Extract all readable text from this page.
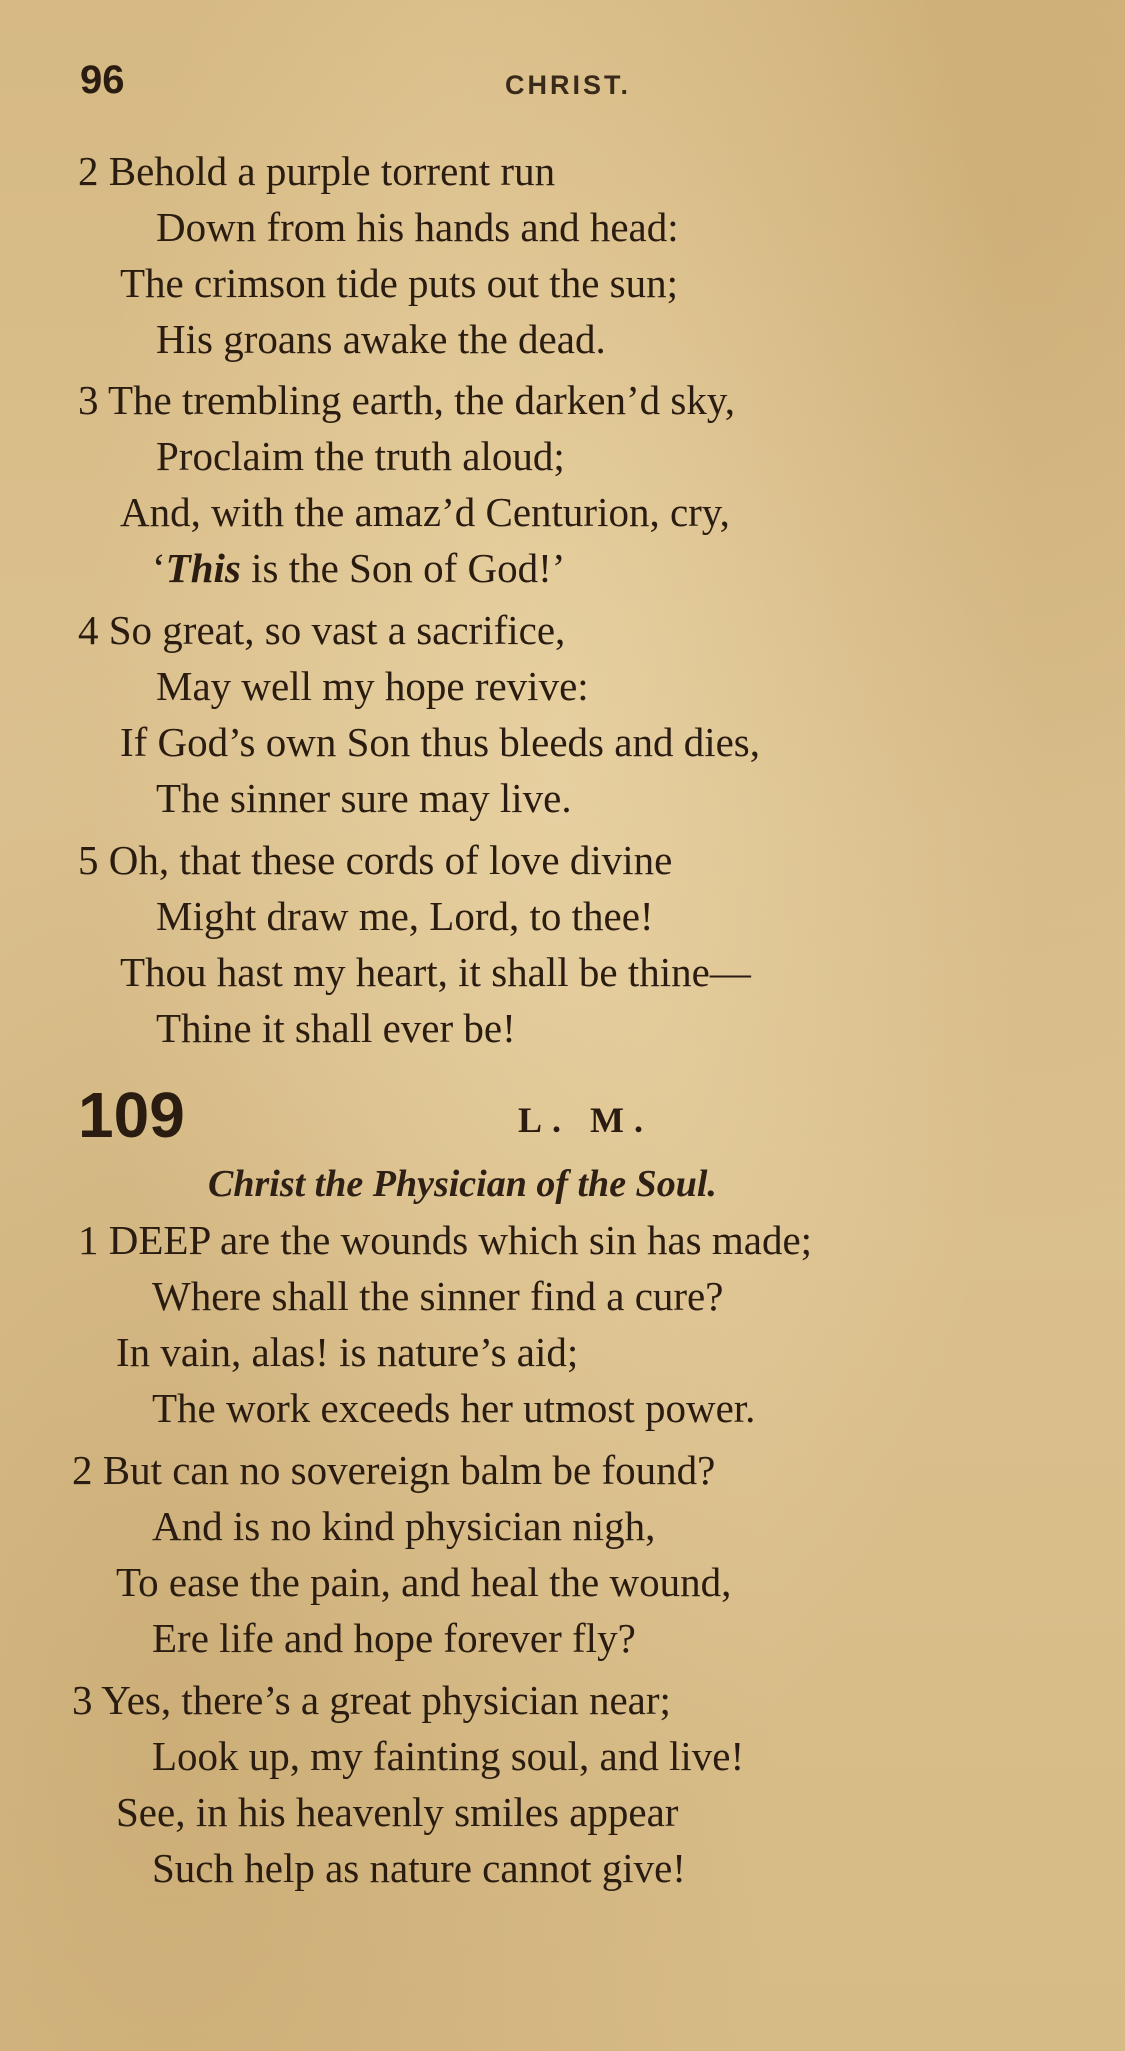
96	CHRIST.
2 Behold a purple torrent run
Down from his hands and head:
The crimson tide puts out the sun;
His groans awake the dead.
3 The trembling earth, the darken’d sky,
Proclaim the truth aloud;
And, with the amaz’d Centurion, cry,
‘This is the Son of God!’
4 So great, so vast a sacrifice,
May well my hope revive:
If God’s own Son thus bleeds and dies,
The sinner sure may live.
5 Oh, that these cords of love divine
Might draw me, Lord, to thee!
Thou hast my heart, it shall be thine—
Thine it shall ever be!
109	L. M.
Christ the Physician of the Soul.
1 DEEP are the wounds which sin has made;
Where shall the sinner find a cure?
In vain, alas! is nature’s aid;
The work exceeds her utmost power.
2 But can no sovereign balm be found?
And is no kind physician nigh,
To ease the pain, and heal the wound,
Ere life and hope forever fly?
3 Yes, there’s a great physician near;
Look up, my fainting soul, and live!
See, in his heavenly smiles appear
Such help as nature cannot give!
